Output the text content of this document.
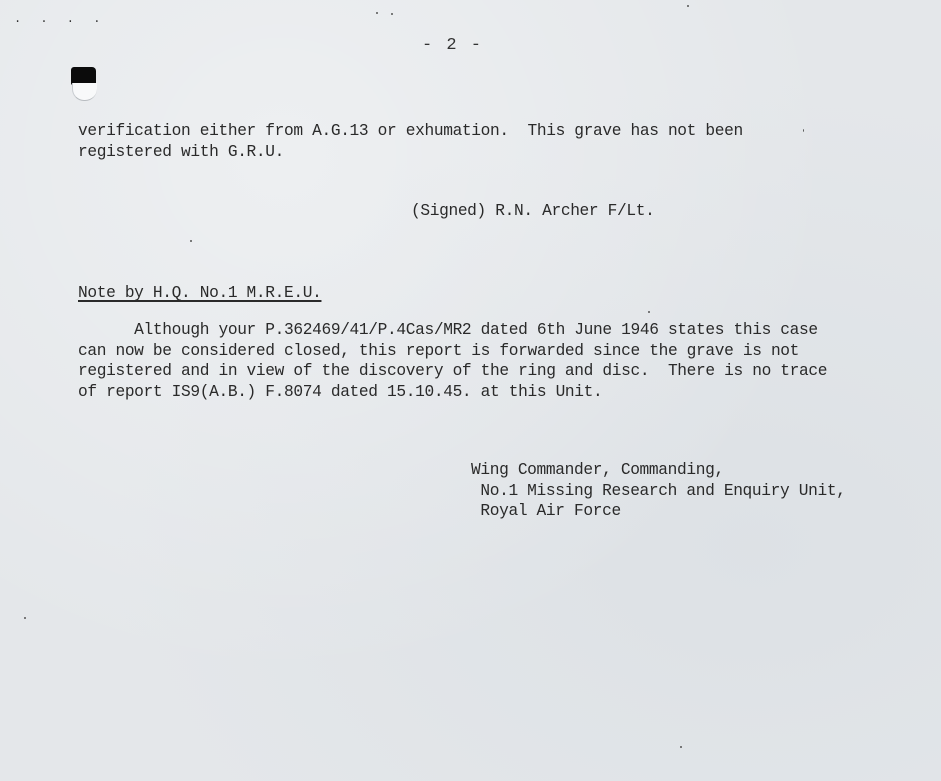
. . . .
- 2 -
verification either from A.G.13 or exhumation.  This grave has not been
registered with G.R.U.
(Signed) R.N. Archer F/Lt.
Note by H.Q. No.1 M.R.E.U.
Although your P.362469/41/P.4Cas/MR2 dated 6th June 1946 states this case
can now be considered closed, this report is forwarded since the grave is not
registered and in view of the discovery of the ring and disc.  There is no trace
of report IS9(A.B.) F.8074 dated 15.10.45. at this Unit.
Wing Commander, Commanding,
No.1 Missing Research and Enquiry Unit,
Royal Air Force
